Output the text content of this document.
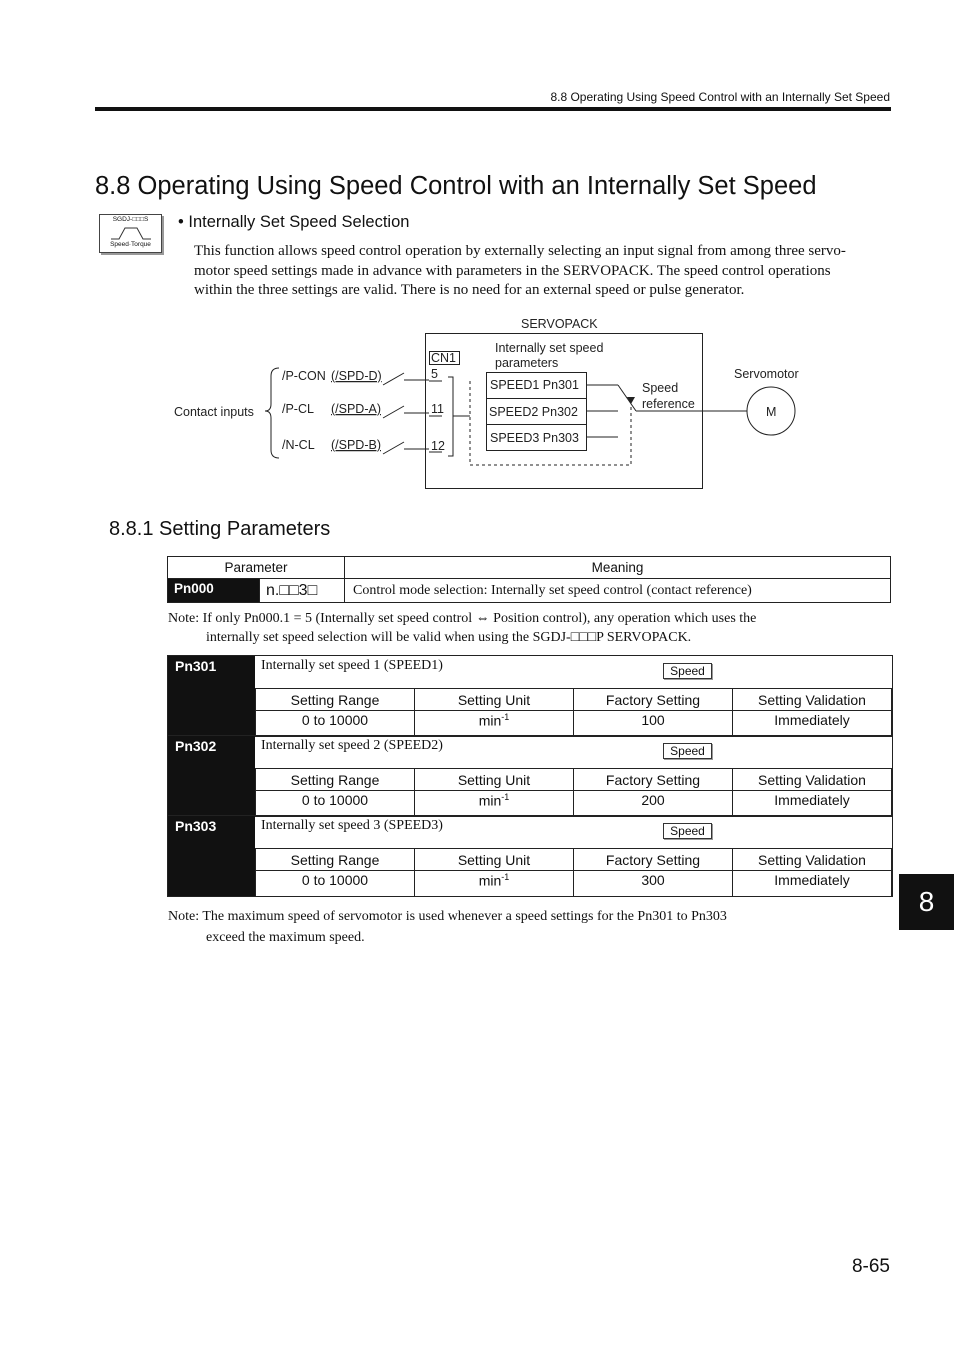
8.8 Operating Using Speed Control with an Internally Set Speed
8.8 Operating Using Speed Control with an Internally Set Speed
SGDJ-□□□S
Speed·Torque
• Internally Set Speed Selection

This function allows speed control operation by externally selecting an input signal from among three servo-

motor speed settings made in advance with parameters in the SERVOPACK. The speed control operations

within the three settings are valid. There is no need for an external speed or pulse generator.

SERVOPACK
CN1
Internally set speed
parameters
Contact inputs
/P-CON (/SPD-D)
/P-CL (/SPD-A)
/N-CL (/SPD-B)
5
11
12
SPEED1 Pn301
SPEED2 Pn302
SPEED3 Pn303
Speed
reference
Servomotor
M
8.8.1 Setting Parameters
Parameter		Meaning
Pn000	n.□□3□	Control mode selection: Internally set speed control (contact reference)

Note: If only Pn000.1 = 5 (Internally set speed control ⇔ Position control), any operation which uses the

internally set speed selection will be valid when using the SGDJ-□□□P SERVOPACK.

Pn301	Internally set speed 1 (SPEED1)	Speed
Setting Range	Setting Unit	Factory Setting	Setting Validation
0 to 10000	$\min^{-1}$	100	Immediately
Pn302	Internally set speed 2 (SPEED2)	Speed
Setting Range	Setting Unit	Factory Setting	Setting Validation
0 to 10000	$\min^{-1}$	200	Immediately
Pn303	Internally set speed 3 (SPEED3)	Speed
Setting Range	Setting Unit	Factory Setting	Setting Validation
0 to 10000	$\min^{-1}$	300	Immediately

Note: The maximum speed of servomotor is used whenever a speed settings for the Pn301 to Pn303

exceed the maximum speed.

8
8-65
